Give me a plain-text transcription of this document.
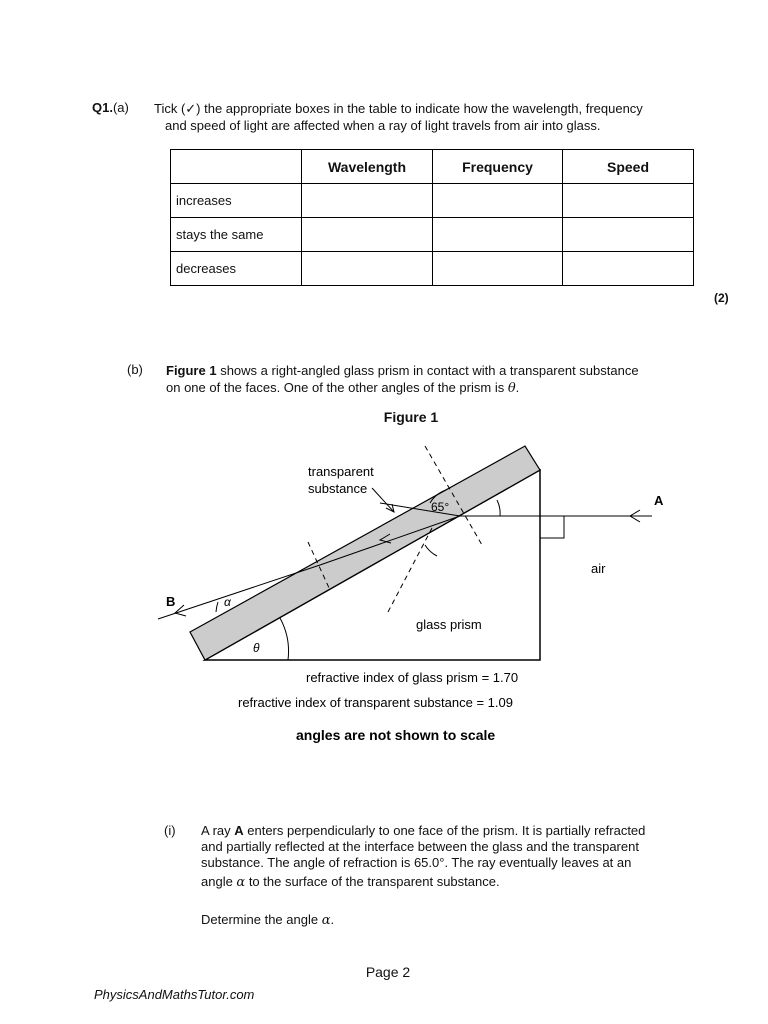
Q1.(a) Tick (✓) the appropriate boxes in the table to indicate how the wavelength, frequency
and speed of light are affected when a ray of light travels from air into glass.
	Wavelength	Frequency	Speed
increases			
stays the same			
decreases			
(2)
(b) Figure 1 shows a right-angled glass prism in contact with a transparent substance
on one of the faces. One of the other angles of the prism is θ.
Figure 1
transparent
substance
65°	A
B	α
θ
air
glass prism
refractive index of glass prism = 1.70
refractive index of transparent substance = 1.09
angles are not shown to scale
(i) A ray A enters perpendicularly to one face of the prism. It is partially refracted
and partially reflected at the interface between the glass and the transparent
substance. The angle of refraction is 65.0°. The ray eventually leaves at an
angle α to the surface of the transparent substance.
Determine the angle α.
Page 2
PhysicsAndMathsTutor.com
